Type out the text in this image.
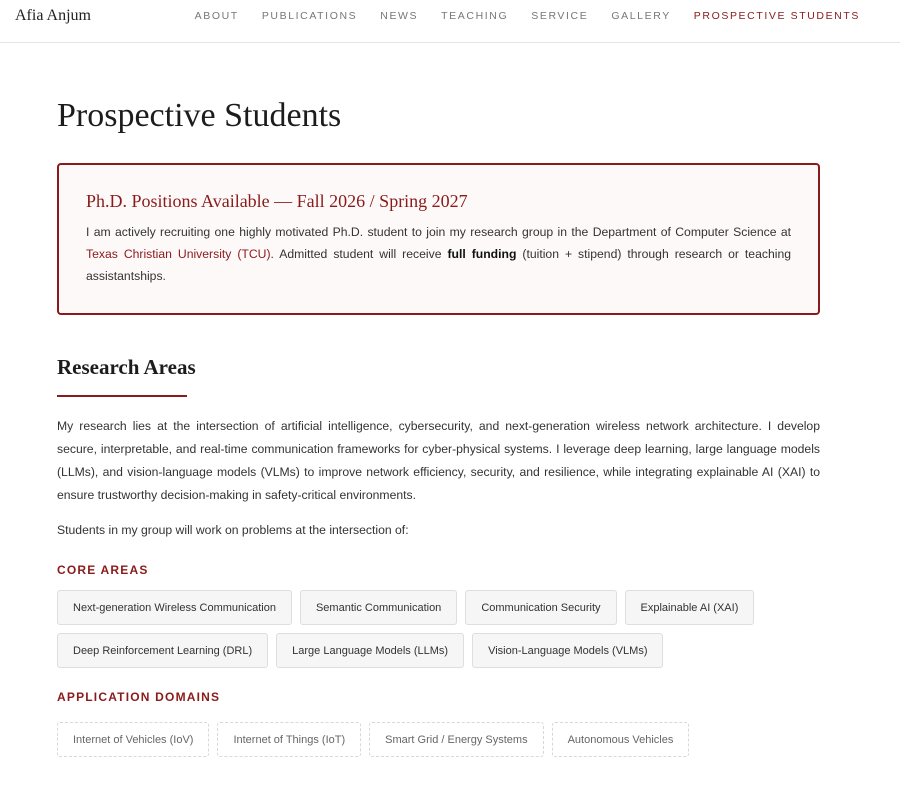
Afia Anjum	ABOUT PUBLICATIONS NEWS TEACHING SERVICE GALLERY PROSPECTIVE STUDENTS
Prospective Students
Ph.D. Positions Available — Fall 2026 / Spring 2027

I am actively recruiting one highly motivated Ph.D. student to join my research group in the Department of Computer Science at Texas Christian University (TCU). Admitted student will receive full funding (tuition + stipend) through research or teaching assistantships.

Research Areas

My research lies at the intersection of artificial intelligence, cybersecurity, and next-generation wireless network architecture. I develop secure, interpretable, and real-time communication frameworks for cyber-physical systems. I leverage deep learning, large language models (LLMs), and vision-language models (VLMs) to improve network efficiency, security, and resilience, while integrating explainable AI (XAI) to ensure trustworthy decision-making in safety-critical environments.

Students in my group will work on problems at the intersection of:

CORE AREAS
Next-generation Wireless Communication	Semantic Communication	Communication Security	Explainable AI (XAI)
Deep Reinforcement Learning (DRL)	Large Language Models (LLMs)	Vision-Language Models (VLMs)
APPLICATION DOMAINS
Internet of Vehicles (IoV)	Internet of Things (IoT)	Smart Grid / Energy Systems	Autonomous Vehicles
